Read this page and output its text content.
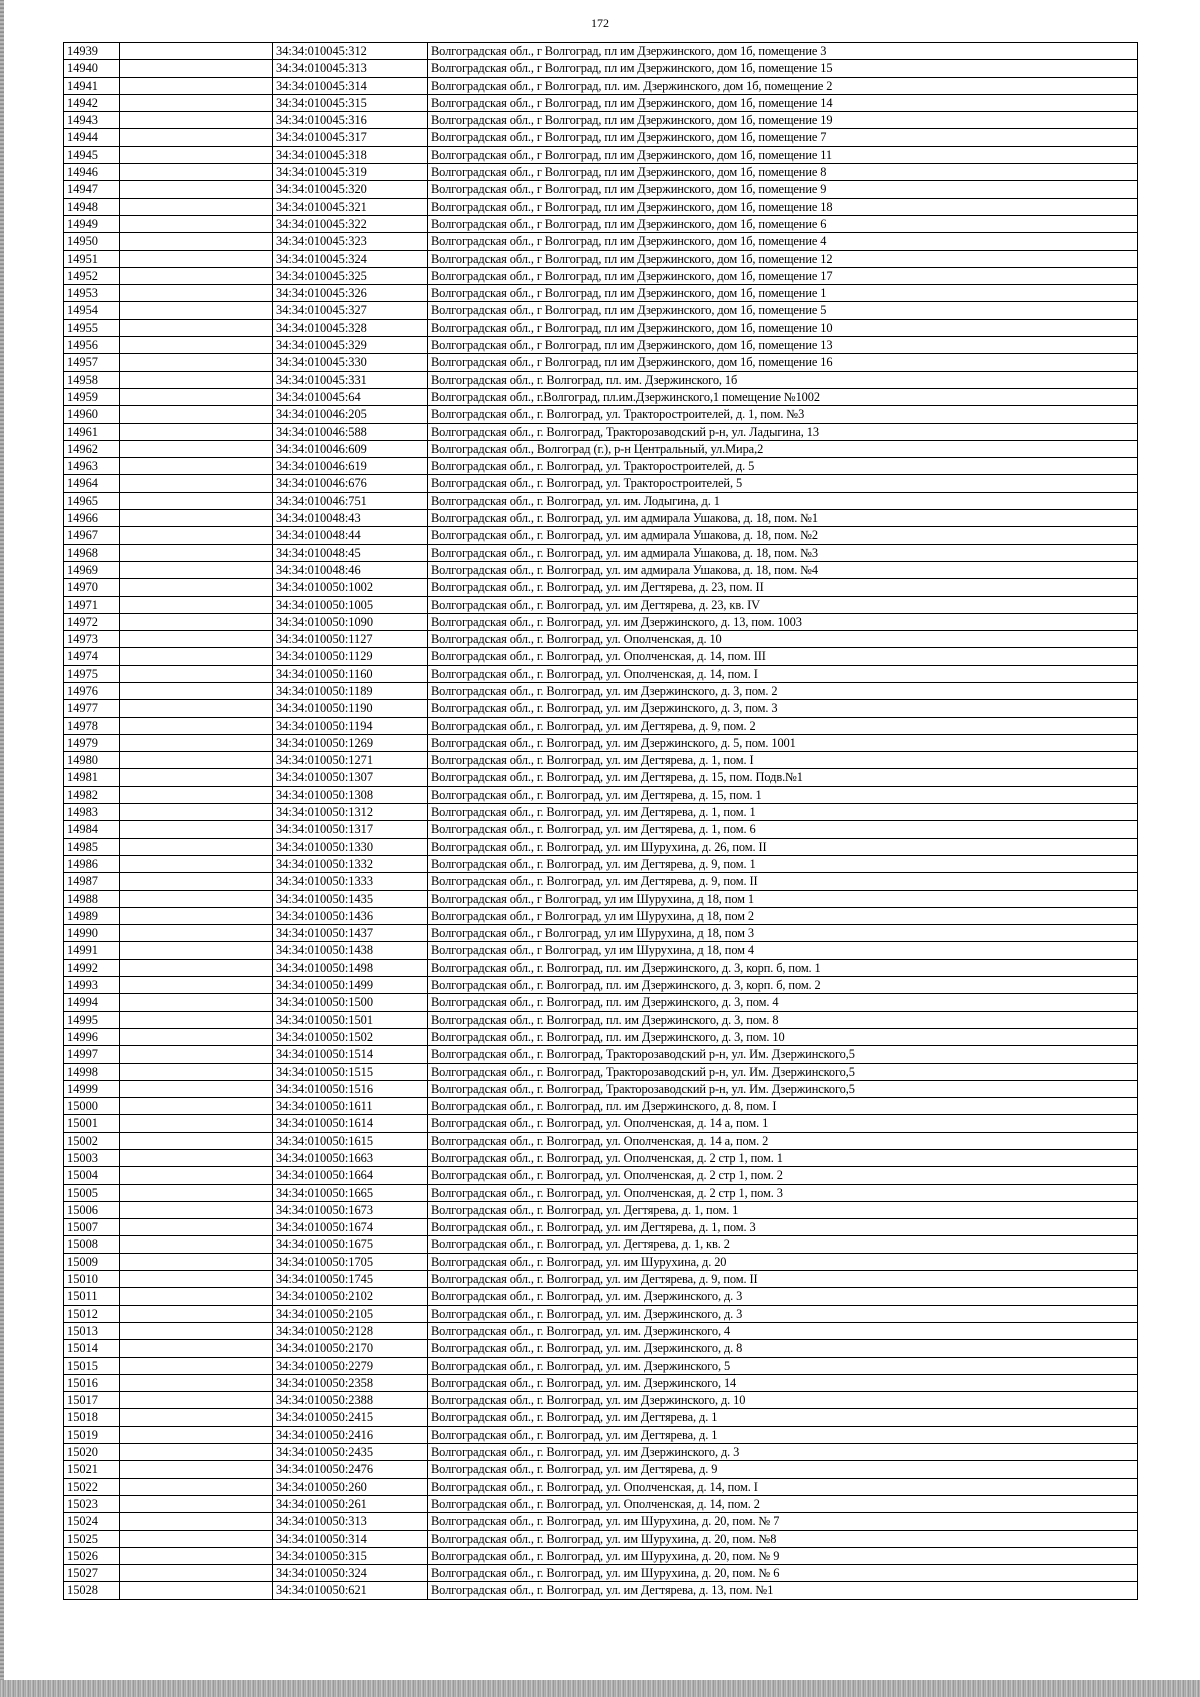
172
14939		34:34:010045:312	Волгоградская обл., г Волгоград, пл им Дзержинского, дом 1б, помещение 3
14940		34:34:010045:313	Волгоградская обл., г Волгоград, пл им Дзержинского, дом 1б, помещение 15
14941		34:34:010045:314	Волгоградская обл., г Волгоград, пл. им. Дзержинского, дом 1б, помещение 2
14942		34:34:010045:315	Волгоградская обл., г Волгоград, пл им Дзержинского, дом 1б, помещение 14
14943		34:34:010045:316	Волгоградская обл., г Волгоград, пл им Дзержинского, дом 1б, помещение 19
14944		34:34:010045:317	Волгоградская обл., г Волгоград, пл им Дзержинского, дом 1б, помещение 7
14945		34:34:010045:318	Волгоградская обл., г Волгоград, пл им Дзержинского, дом 1б, помещение 11
14946		34:34:010045:319	Волгоградская обл., г Волгоград, пл им Дзержинского, дом 1б, помещение 8
14947		34:34:010045:320	Волгоградская обл., г Волгоград, пл им Дзержинского, дом 1б, помещение 9
14948		34:34:010045:321	Волгоградская обл., г Волгоград, пл им Дзержинского, дом 1б, помещение 18
14949		34:34:010045:322	Волгоградская обл., г Волгоград, пл им Дзержинского, дом 1б, помещение 6
14950		34:34:010045:323	Волгоградская обл., г Волгоград, пл им Дзержинского, дом 1б, помещение 4
14951		34:34:010045:324	Волгоградская обл., г Волгоград, пл им Дзержинского, дом 1б, помещение 12
14952		34:34:010045:325	Волгоградская обл., г Волгоград, пл им Дзержинского, дом 1б, помещение 17
14953		34:34:010045:326	Волгоградская обл., г Волгоград, пл им Дзержинского, дом 1б, помещение 1
14954		34:34:010045:327	Волгоградская обл., г Волгоград, пл им Дзержинского, дом 1б, помещение 5
14955		34:34:010045:328	Волгоградская обл., г Волгоград, пл им Дзержинского, дом 1б, помещение 10
14956		34:34:010045:329	Волгоградская обл., г Волгоград, пл им Дзержинского, дом 1б, помещение 13
14957		34:34:010045:330	Волгоградская обл., г Волгоград, пл им Дзержинского, дом 1б, помещение 16
14958		34:34:010045:331	Волгоградская обл., г. Волгоград, пл. им. Дзержинского, 1б
14959		34:34:010045:64	Волгоградская обл., г.Волгоград, пл.им.Дзержинского,1 помещение №1002
14960		34:34:010046:205	Волгоградская обл., г. Волгоград, ул. Тракторостроителей, д. 1, пом. №3
14961		34:34:010046:588	Волгоградская обл., г. Волгоград, Тракторозаводский р-н, ул. Ладыгина, 13
14962		34:34:010046:609	Волгоградская обл., Волгоград (г.), р-н Центральный, ул.Мира,2
14963		34:34:010046:619	Волгоградская обл., г. Волгоград, ул. Тракторостроителей, д. 5
14964		34:34:010046:676	Волгоградская обл., г. Волгоград, ул. Тракторостроителей, 5
14965		34:34:010046:751	Волгоградская обл., г. Волгоград, ул. им. Лодыгина, д. 1
14966		34:34:010048:43	Волгоградская обл., г. Волгоград, ул. им адмирала Ушакова, д. 18, пом. №1
14967		34:34:010048:44	Волгоградская обл., г. Волгоград, ул. им адмирала Ушакова, д. 18, пом. №2
14968		34:34:010048:45	Волгоградская обл., г. Волгоград, ул. им адмирала Ушакова, д. 18, пом. №3
14969		34:34:010048:46	Волгоградская обл., г. Волгоград, ул. им адмирала Ушакова, д. 18, пом. №4
14970		34:34:010050:1002	Волгоградская обл., г. Волгоград, ул. им Дегтярева, д. 23, пом. II
14971		34:34:010050:1005	Волгоградская обл., г. Волгоград, ул. им Дегтярева, д. 23, кв. IV
14972		34:34:010050:1090	Волгоградская обл., г. Волгоград, ул. им Дзержинского, д. 13, пом. 1003
14973		34:34:010050:1127	Волгоградская обл., г. Волгоград, ул. Ополченская, д. 10
14974		34:34:010050:1129	Волгоградская обл., г. Волгоград, ул. Ополченская, д. 14, пом. III
14975		34:34:010050:1160	Волгоградская обл., г. Волгоград, ул. Ополченская, д. 14, пом. I
14976		34:34:010050:1189	Волгоградская обл., г. Волгоград, ул. им Дзержинского, д. 3, пом. 2
14977		34:34:010050:1190	Волгоградская обл., г. Волгоград, ул. им Дзержинского, д. 3, пом. 3
14978		34:34:010050:1194	Волгоградская обл., г. Волгоград, ул. им Дегтярева, д. 9, пом. 2
14979		34:34:010050:1269	Волгоградская обл., г. Волгоград, ул. им Дзержинского, д. 5, пом. 1001
14980		34:34:010050:1271	Волгоградская обл., г. Волгоград, ул. им Дегтярева, д. 1, пом. I
14981		34:34:010050:1307	Волгоградская обл., г. Волгоград, ул. им Дегтярева, д. 15, пом. Подв.№1
14982		34:34:010050:1308	Волгоградская обл., г. Волгоград, ул. им Дегтярева, д. 15, пом. 1
14983		34:34:010050:1312	Волгоградская обл., г. Волгоград, ул. им Дегтярева, д. 1, пом. 1
14984		34:34:010050:1317	Волгоградская обл., г. Волгоград, ул. им Дегтярева, д. 1, пом. 6
14985		34:34:010050:1330	Волгоградская обл., г. Волгоград, ул. им Шурухина, д. 26, пом. II
14986		34:34:010050:1332	Волгоградская обл., г. Волгоград, ул. им Дегтярева, д. 9, пом. 1
14987		34:34:010050:1333	Волгоградская обл., г. Волгоград, ул. им Дегтярева, д. 9, пом. II
14988		34:34:010050:1435	Волгоградская обл., г Волгоград, ул им Шурухина, д 18, пом 1
14989		34:34:010050:1436	Волгоградская обл., г Волгоград, ул им Шурухина, д 18, пом 2
14990		34:34:010050:1437	Волгоградская обл., г Волгоград, ул им Шурухина, д 18, пом 3
14991		34:34:010050:1438	Волгоградская обл., г Волгоград, ул им Шурухина, д 18, пом 4
14992		34:34:010050:1498	Волгоградская обл., г. Волгоград, пл. им Дзержинского, д. 3, корп. б, пом. 1
14993		34:34:010050:1499	Волгоградская обл., г. Волгоград, пл. им Дзержинского, д. 3, корп. б, пом. 2
14994		34:34:010050:1500	Волгоградская обл., г. Волгоград, пл. им Дзержинского, д. 3, пом. 4
14995		34:34:010050:1501	Волгоградская обл., г. Волгоград, пл. им Дзержинского, д. 3, пом. 8
14996		34:34:010050:1502	Волгоградская обл., г. Волгоград, пл. им Дзержинского, д. 3, пом. 10
14997		34:34:010050:1514	Волгоградская обл., г. Волгоград, Тракторозаводский р-н, ул. Им. Дзержинского,5
14998		34:34:010050:1515	Волгоградская обл., г. Волгоград, Тракторозаводский р-н, ул. Им. Дзержинского,5
14999		34:34:010050:1516	Волгоградская обл., г. Волгоград, Тракторозаводский р-н, ул. Им. Дзержинского,5
15000		34:34:010050:1611	Волгоградская обл., г. Волгоград, пл. им Дзержинского, д. 8, пом. I
15001		34:34:010050:1614	Волгоградская обл., г. Волгоград, ул. Ополченская, д. 14 а, пом. 1
15002		34:34:010050:1615	Волгоградская обл., г. Волгоград, ул. Ополченская, д. 14 а, пом. 2
15003		34:34:010050:1663	Волгоградская обл., г. Волгоград, ул. Ополченская, д. 2 стр 1, пом. 1
15004		34:34:010050:1664	Волгоградская обл., г. Волгоград, ул. Ополченская, д. 2 стр 1, пом. 2
15005		34:34:010050:1665	Волгоградская обл., г. Волгоград, ул. Ополченская, д. 2 стр 1, пом. 3
15006		34:34:010050:1673	Волгоградская обл., г. Волгоград, ул. Дегтярева, д. 1, пом. 1
15007		34:34:010050:1674	Волгоградская обл., г. Волгоград, ул. им Дегтярева, д. 1, пом. 3
15008		34:34:010050:1675	Волгоградская обл., г. Волгоград, ул. Дегтярева, д. 1, кв. 2
15009		34:34:010050:1705	Волгоградская обл., г. Волгоград, ул. им Шурухина, д. 20
15010		34:34:010050:1745	Волгоградская обл., г. Волгоград, ул. им Дегтярева, д. 9, пом. II
15011		34:34:010050:2102	Волгоградская обл., г. Волгоград, ул. им. Дзержинского, д. 3
15012		34:34:010050:2105	Волгоградская обл., г. Волгоград, ул. им. Дзержинского, д. 3
15013		34:34:010050:2128	Волгоградская обл., г. Волгоград, ул. им. Дзержинского, 4
15014		34:34:010050:2170	Волгоградская обл., г. Волгоград, ул. им. Дзержинского, д. 8
15015		34:34:010050:2279	Волгоградская обл., г. Волгоград, ул. им. Дзержинского, 5
15016		34:34:010050:2358	Волгоградская обл., г. Волгоград, ул. им. Дзержинского, 14
15017		34:34:010050:2388	Волгоградская обл., г. Волгоград, ул. им Дзержинского, д. 10
15018		34:34:010050:2415	Волгоградская обл., г. Волгоград, ул. им Дегтярева, д. 1
15019		34:34:010050:2416	Волгоградская обл., г. Волгоград, ул. им Дегтярева, д. 1
15020		34:34:010050:2435	Волгоградская обл., г. Волгоград, ул. им Дзержинского, д. 3
15021		34:34:010050:2476	Волгоградская обл., г. Волгоград, ул. им Дегтярева, д. 9
15022		34:34:010050:260	Волгоградская обл., г. Волгоград, ул. Ополченская, д. 14, пом. I
15023		34:34:010050:261	Волгоградская обл., г. Волгоград, ул. Ополченская, д. 14, пом. 2
15024		34:34:010050:313	Волгоградская обл., г. Волгоград, ул. им Шурухина, д. 20, пом. № 7
15025		34:34:010050:314	Волгоградская обл., г. Волгоград, ул. им Шурухина, д. 20, пом. №8
15026		34:34:010050:315	Волгоградская обл., г. Волгоград, ул. им Шурухина, д. 20, пом. № 9
15027		34:34:010050:324	Волгоградская обл., г. Волгоград, ул. им Шурухина, д. 20, пом. № 6
15028		34:34:010050:621	Волгоградская обл., г. Волгоград, ул. им Дегтярева, д. 13, пом. №1
